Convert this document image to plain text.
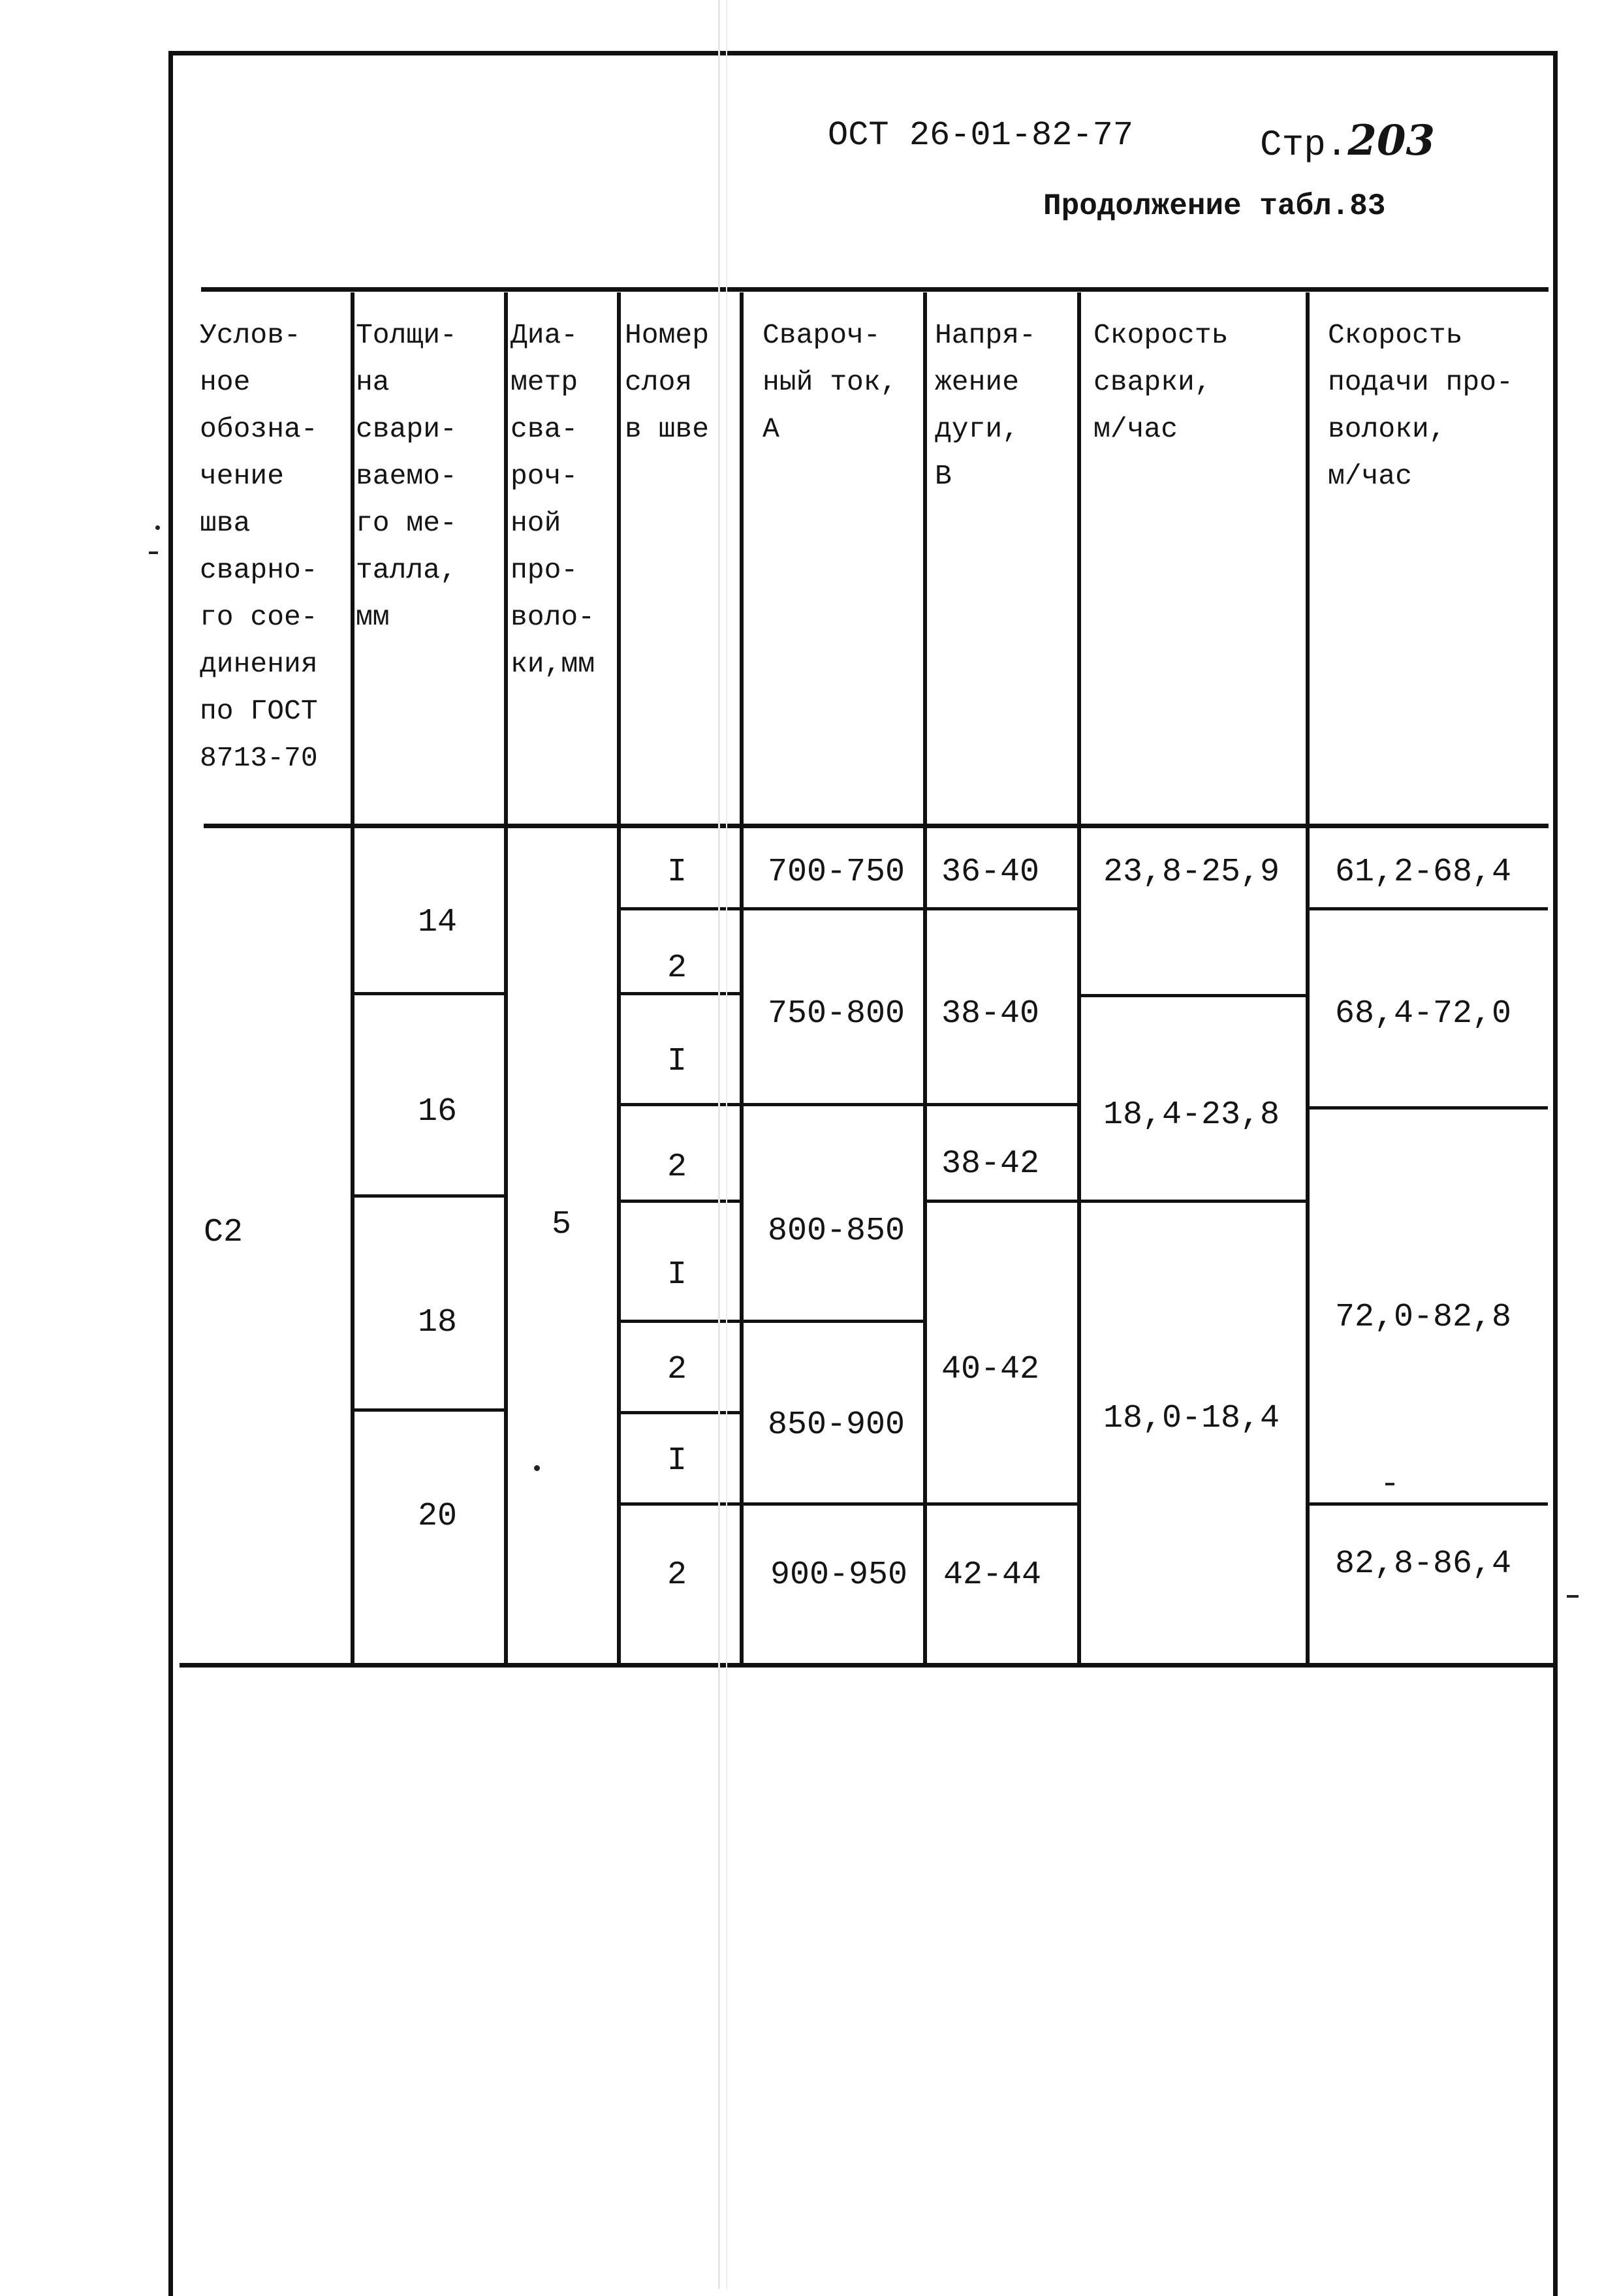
ОСТ 26-01-82-77	Стр.203
Продолжение табл.83
Услов-
ное
обозна-
чение
шва
сварно-
го сое-
динения
по ГОСТ
8713-70
Толщи-
на
свари-
ваемо-
го ме-
талла,
мм
Диа-
метр
сва-
роч-
ной
про-
воло-
ки,мм
Номер
слоя
в шве
Свароч-
ный ток,
А
Напря-
жение
дуги,
В
Скорость
сварки,
м/час
Скорость
подачи про-
волоки,
м/час
С2	5
14
16
18
20
I
2
I
2
I
2
I
2
700-750
750-800
800-850
850-900
900-950
36-40
38-40
38-42
40-42
42-44
23,8-25,9
18,4-23,8
18,0-18,4
61,2-68,4
68,4-72,0
72,0-82,8
82,8-86,4
